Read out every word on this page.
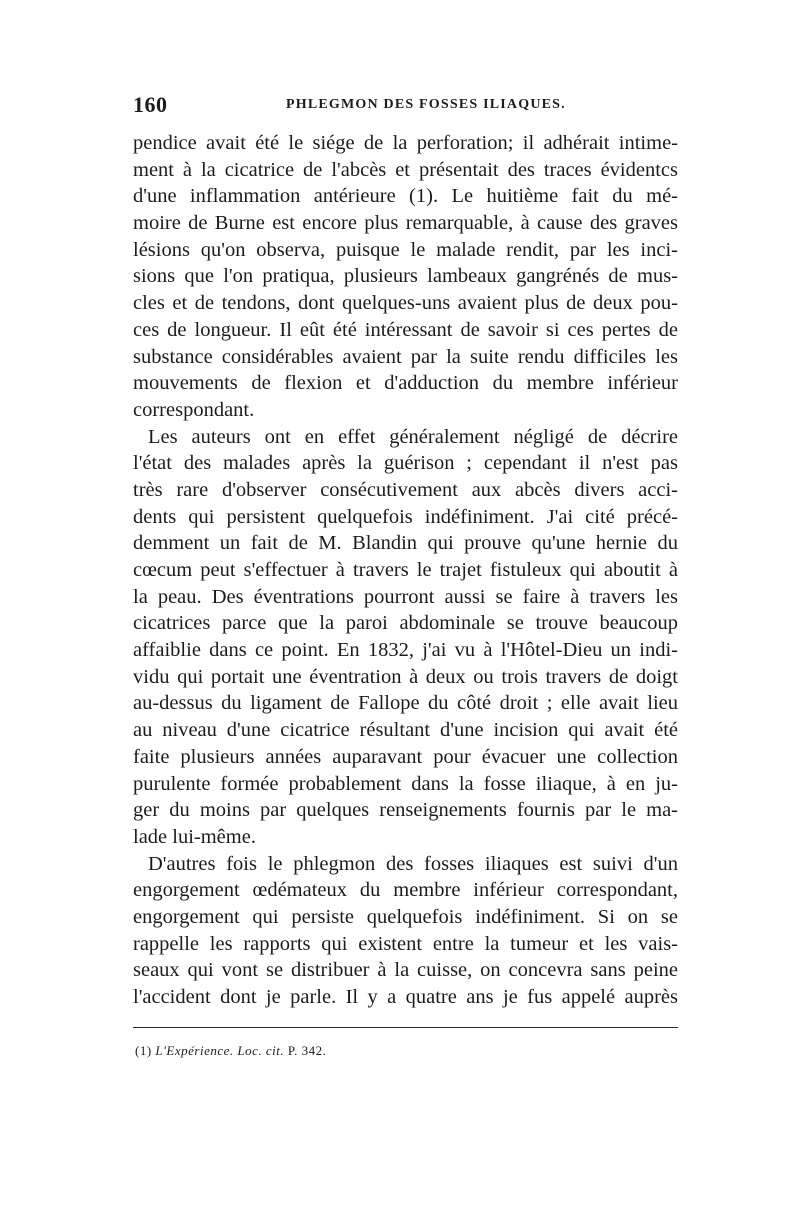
160	PHLEGMON DES FOSSES ILIAQUES.
pendice avait été le siége de la perforation; il adhérait intime-
ment à la cicatrice de l'abcès et présentait des traces évidentcs
d'une inflammation antérieure (1). Le huitième fait du mé-
moire de Burne est encore plus remarquable, à cause des graves
lésions qu'on observa, puisque le malade rendit, par les inci-
sions que l'on pratiqua, plusieurs lambeaux gangrénés de mus-
cles et de tendons, dont quelques-uns avaient plus de deux pou-
ces de longueur. Il eût été intéressant de savoir si ces pertes de
substance considérables avaient par la suite rendu difficiles les
mouvements de flexion et d'adduction du membre inférieur
correspondant.
Les auteurs ont en effet généralement négligé de décrire
l'état des malades après la guérison ; cependant il n'est pas
très rare d'observer consécutivement aux abcès divers acci-
dents qui persistent quelquefois indéfiniment. J'ai cité précé-
demment un fait de M. Blandin qui prouve qu'une hernie du
cœcum peut s'effectuer à travers le trajet fistuleux qui aboutit à
la peau. Des éventrations pourront aussi se faire à travers les
cicatrices parce que la paroi abdominale se trouve beaucoup
affaiblie dans ce point. En 1832, j'ai vu à l'Hôtel-Dieu un indi-
vidu qui portait une éventration à deux ou trois travers de doigt
au-dessus du ligament de Fallope du côté droit ; elle avait lieu
au niveau d'une cicatrice résultant d'une incision qui avait été
faite plusieurs années auparavant pour évacuer une collection
purulente formée probablement dans la fosse iliaque, à en ju-
ger du moins par quelques renseignements fournis par le ma-
lade lui-même.
D'autres fois le phlegmon des fosses iliaques est suivi d'un
engorgement œdémateux du membre inférieur correspondant,
engorgement qui persiste quelquefois indéfiniment. Si on se
rappelle les rapports qui existent entre la tumeur et les vais-
seaux qui vont se distribuer à la cuisse, on concevra sans peine
l'accident dont je parle. Il y a quatre ans je fus appelé auprès
(1) L'Expérience. Loc. cit. P. 342.
